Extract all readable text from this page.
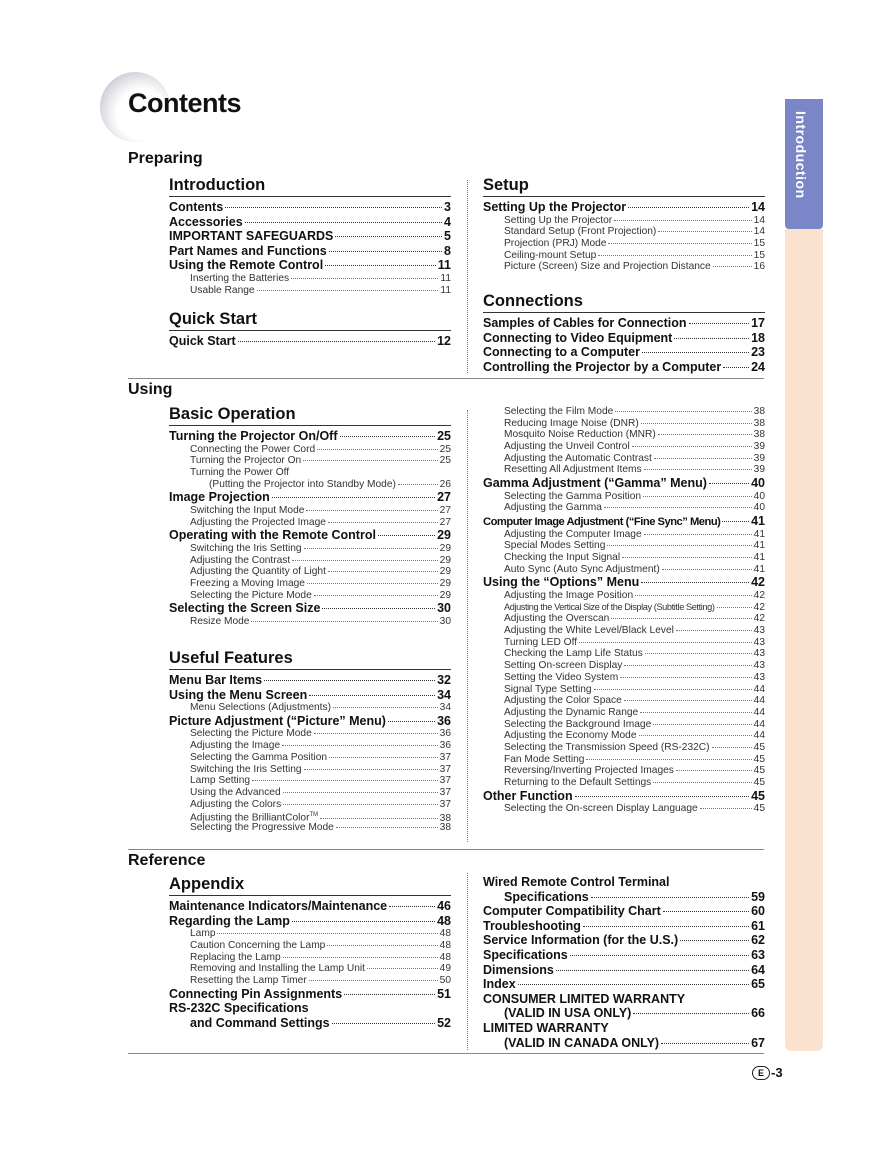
Contents
Introduction
Preparing
Introduction
Contents	3
Accessories	4
IMPORTANT SAFEGUARDS	5
Part Names and Functions	8
Using the Remote Control	11
Inserting the Batteries	11
Usable Range	11
Quick Start
Quick Start	12
Setup
Setting Up the Projector	14
Setting Up the Projector	14
Standard Setup (Front Projection)	14
Projection (PRJ) Mode	15
Ceiling-mount Setup	15
Picture (Screen) Size and Projection Distance	16
Connections
Samples of Cables for Connection	17
Connecting to Video Equipment	18
Connecting to a Computer	23
Controlling the Projector by a Computer 24
Using
Basic Operation
Turning the Projector On/Off	25
Connecting the Power Cord	25
Turning the Projector On	25
Turning the Power Off
(Putting the Projector into Standby Mode)	26
Image Projection	27
Switching the Input Mode	27
Adjusting the Projected Image	27
Operating with the Remote Control	29
Switching the Iris Setting	29
Adjusting the Contrast	29
Adjusting the Quantity of Light	29
Freezing a Moving Image	29
Selecting the Picture Mode	29
Selecting the Screen Size	30
Resize Mode	30
Useful Features
Menu Bar Items	32
Using the Menu Screen	34
Menu Selections (Adjustments)	34
Picture Adjustment (“Picture” Menu)	36
Selecting the Picture Mode	36
Adjusting the Image	36
Selecting the Gamma Position	37
Switching the Iris Setting	37
Lamp Setting	37
Using the Advanced	37
Adjusting the Colors	37
Adjusting the BrilliantColor™	38
Selecting the Progressive Mode	38
Selecting the Film Mode	38
Reducing Image Noise (DNR)	38
Mosquito Noise Reduction (MNR)	38
Adjusting the Unveil Control	39
Adjusting the Automatic Contrast	39
Resetting All Adjustment Items	39
Gamma Adjustment (“Gamma” Menu)	40
Selecting the Gamma Position	40
Adjusting the Gamma	40
Computer Image Adjustment (“Fine Sync” Menu) 41
Adjusting the Computer Image	41
Special Modes Setting	41
Checking the Input Signal	41
Auto Sync (Auto Sync Adjustment)	41
Using the “Options” Menu	42
Adjusting the Image Position	42
Adjusting the Vertical Size of the Display (Subtitle Setting)	42
Adjusting the Overscan	42
Adjusting the White Level/Black Level	43
Turning LED Off	43
Checking the Lamp Life Status	43
Setting On-screen Display	43
Setting the Video System	43
Signal Type Setting	44
Adjusting the Color Space	44
Adjusting the Dynamic Range	44
Selecting the Background Image	44
Adjusting the Economy Mode	44
Selecting the Transmission Speed (RS-232C)	45
Fan Mode Setting	45
Reversing/Inverting Projected Images	45
Returning to the Default Settings	45
Other Function	45
Selecting the On-screen Display Language	45
Reference
Appendix
Maintenance Indicators/Maintenance	46
Regarding the Lamp	48
Lamp	48
Caution Concerning the Lamp	48
Replacing the Lamp	48
Removing and Installing the Lamp Unit	49
Resetting the Lamp Timer	50
Connecting Pin Assignments	51
RS-232C Specifications
and Command Settings	52
Wired Remote Control Terminal
Specifications	59
Computer Compatibility Chart	60
Troubleshooting	61
Service Information (for the U.S.)	62
Specifications	63
Dimensions	64
Index	65
CONSUMER LIMITED WARRANTY
(VALID IN USA ONLY)	66
LIMITED WARRANTY
(VALID IN CANADA ONLY)	67
E -3
